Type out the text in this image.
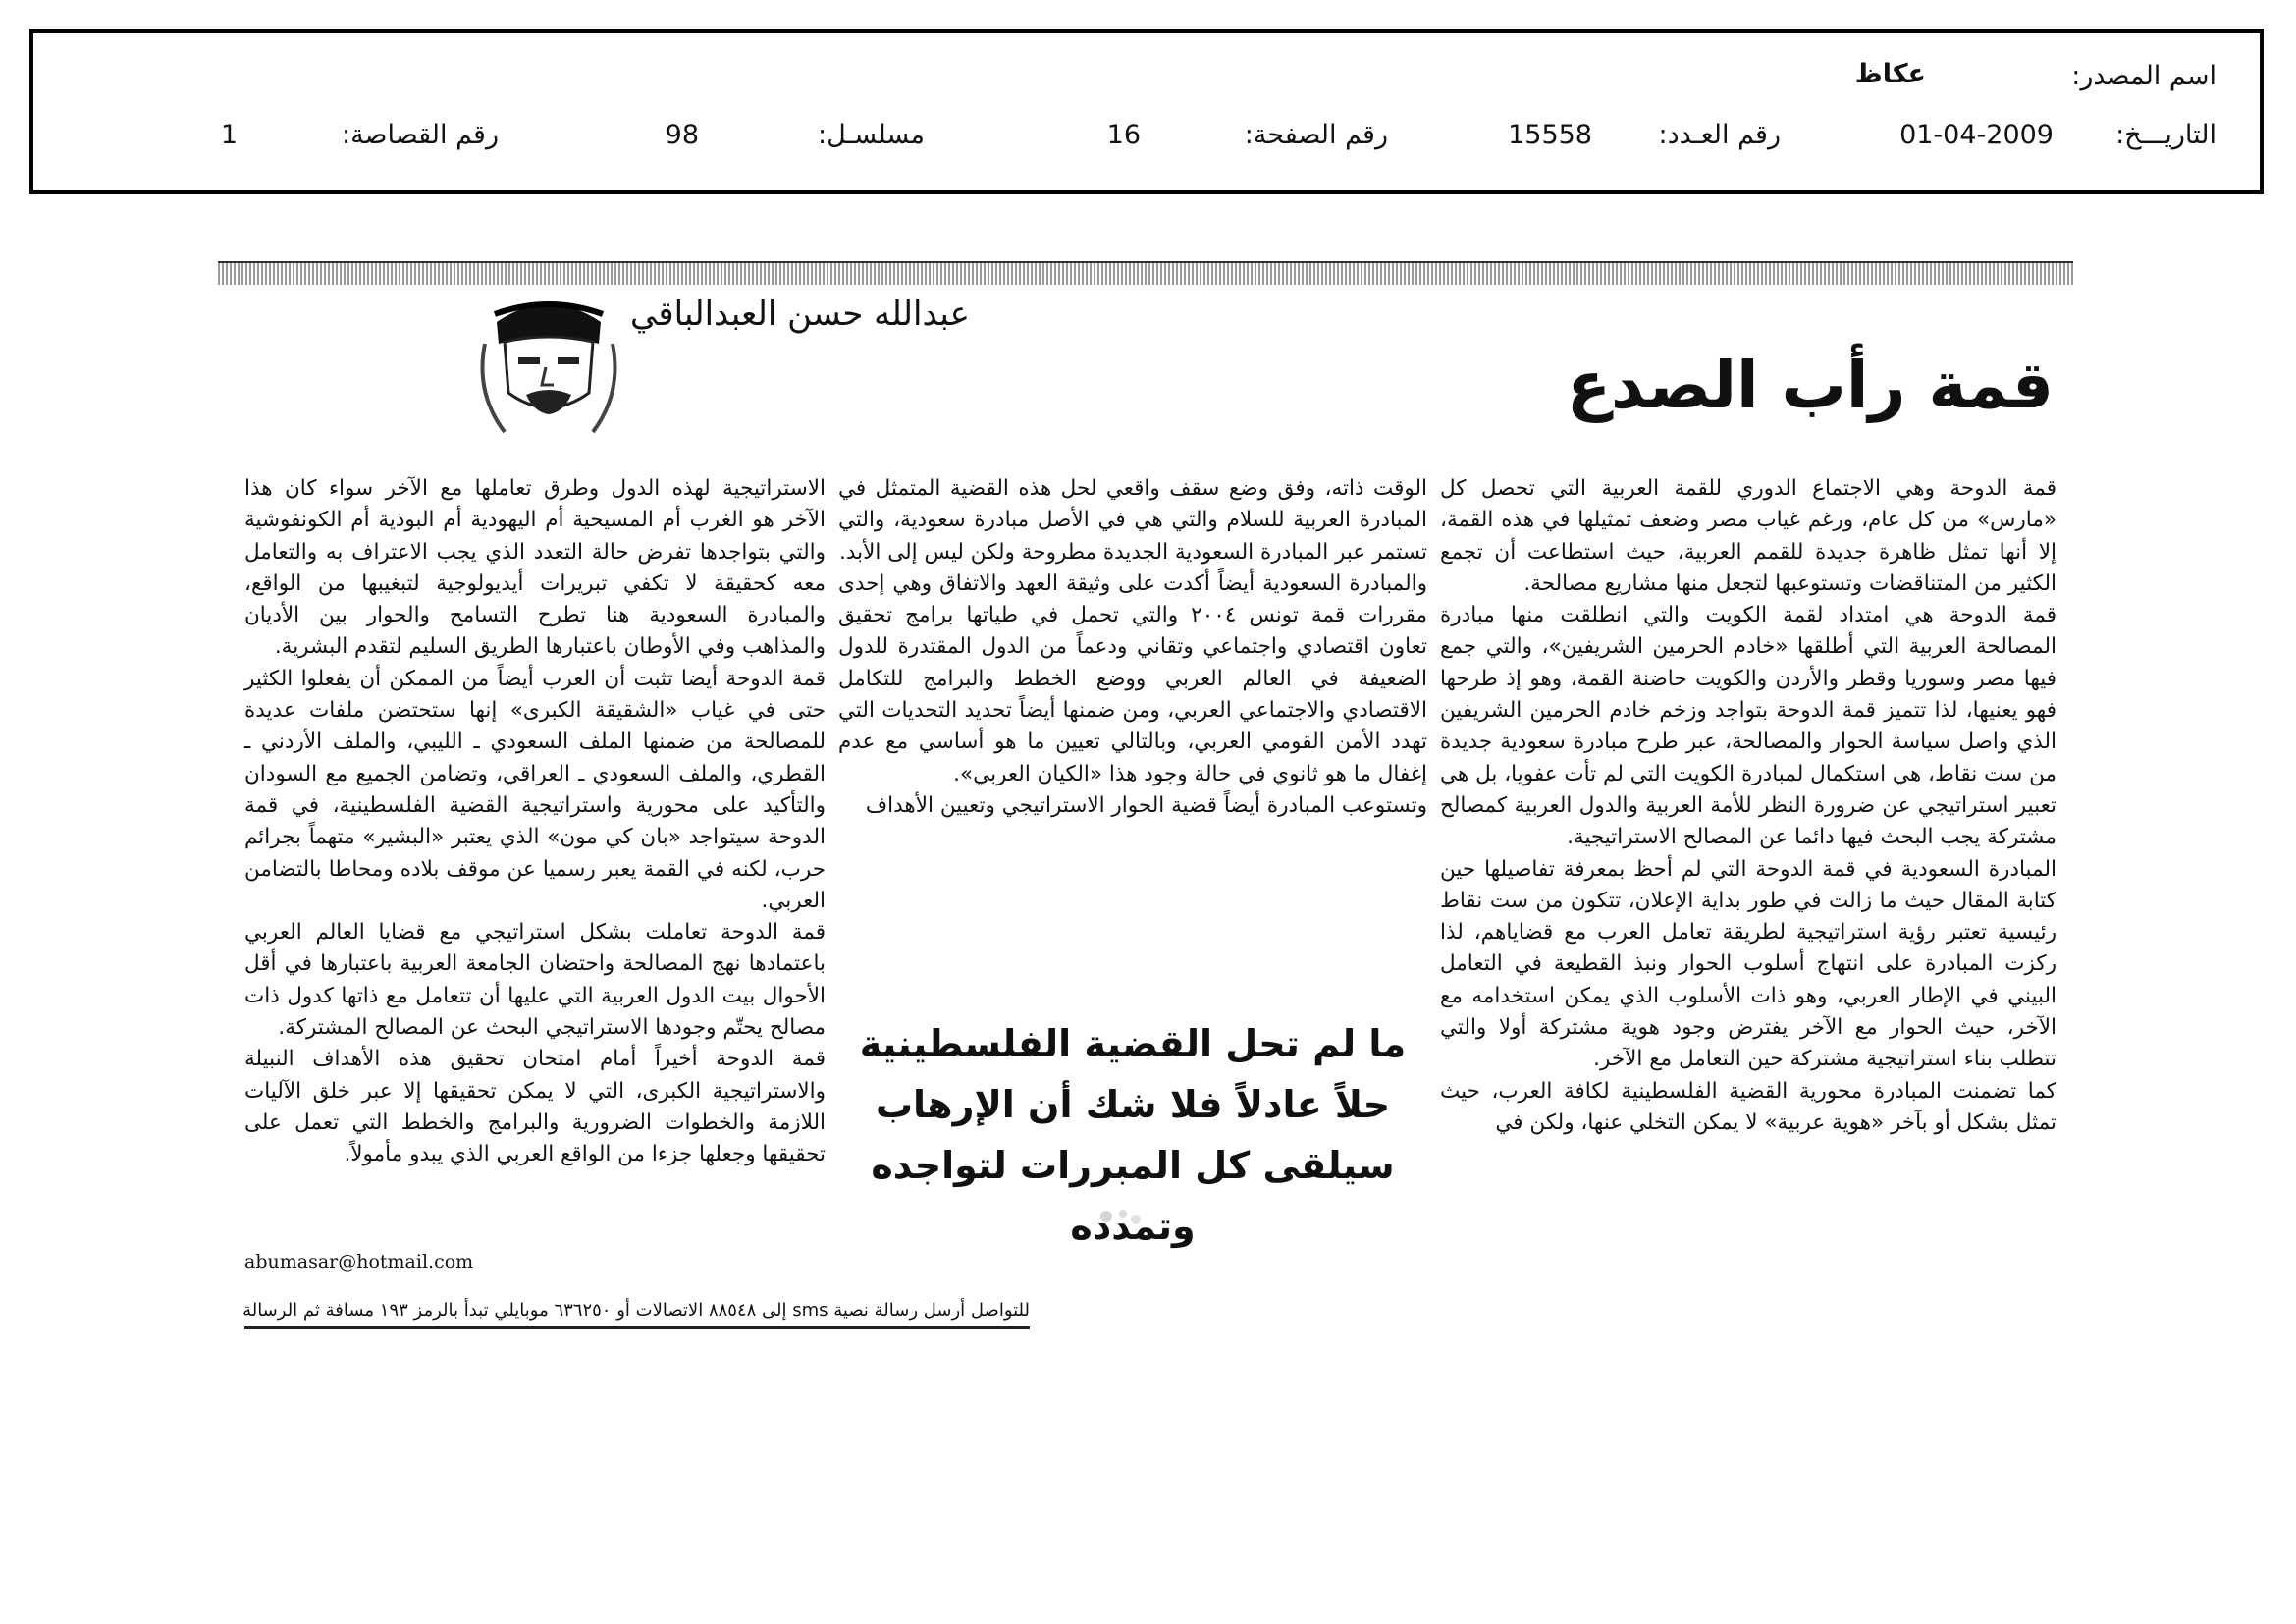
اسم المصدر:
عكاظ
التاريـــخ:
01-04-2009
رقم العـدد:
15558
رقم الصفحة:
16
مسلسـل:
98
رقم القصاصة:
1
قمة رأب الصدع
عبدالله حسن العبدالباقي

قمة الدوحة وهي الاجتماع الدوري للقمة العربية التي تحصل كل «مارس» من كل عام، ورغم غياب مصر وضعف تمثيلها في هذه القمة، إلا أنها تمثل ظاهرة جديدة للقمم العربية، حيث استطاعت أن تجمع الكثير من المتناقضات وتستوعبها لتجعل منها مشاريع مصالحة.

قمة الدوحة هي امتداد لقمة الكويت والتي انطلقت منها مبادرة المصالحة العربية التي أطلقها «خادم الحرمين الشريفين»، والتي جمع فيها مصر وسوريا وقطر والأردن والكويت حاضنة القمة، وهو إذ طرحها فهو يعنيها، لذا تتميز قمة الدوحة بتواجد وزخم خادم الحرمين الشريفين الذي واصل سياسة الحوار والمصالحة، عبر طرح مبادرة سعودية جديدة من ست نقاط، هي استكمال لمبادرة الكويت التي لم تأت عفويا، بل هي تعبير استراتيجي عن ضرورة النظر للأمة العربية والدول العربية كمصالح مشتركة يجب البحث فيها دائما عن المصالح الاستراتيجية.

المبادرة السعودية في قمة الدوحة التي لم أحظ بمعرفة تفاصيلها حين كتابة المقال حيث ما زالت في طور بداية الإعلان، تتكون من ست نقاط رئيسية تعتبر رؤية استراتيجية لطريقة تعامل العرب مع قضاياهم، لذا ركزت المبادرة على انتهاج أسلوب الحوار ونبذ القطيعة في التعامل البيني في الإطار العربي، وهو ذات الأسلوب الذي يمكن استخدامه مع الآخر، حيث الحوار مع الآخر يفترض وجود هوية مشتركة أولا والتي تتطلب بناء استراتيجية مشتركة حين التعامل مع الآخر.

كما تضمنت المبادرة محورية القضية الفلسطينية لكافة العرب، حيث تمثل بشكل أو بآخر «هوية عربية» لا يمكن التخلي عنها، ولكن في

الوقت ذاته، وفق وضع سقف واقعي لحل هذه القضية المتمثل في المبادرة العربية للسلام والتي هي في الأصل مبادرة سعودية، والتي تستمر عبر المبادرة السعودية الجديدة مطروحة ولكن ليس إلى الأبد.

والمبادرة السعودية أيضاً أكدت على وثيقة العهد والاتفاق وهي إحدى مقررات قمة تونس ٢٠٠٤ والتي تحمل في طياتها برامج تحقيق تعاون اقتصادي واجتماعي وتقاني ودعماً من الدول المقتدرة للدول الضعيفة في العالم العربي ووضع الخطط والبرامج للتكامل الاقتصادي والاجتماعي العربي، ومن ضمنها أيضاً تحديد التحديات التي تهدد الأمن القومي العربي، وبالتالي تعيين ما هو أساسي مع عدم إغفال ما هو ثانوي في حالة وجود هذا «الكيان العربي».

وتستوعب المبادرة أيضاً قضية الحوار الاستراتيجي وتعيين الأهداف

ما لم تحل القضية الفلسطينية حلاً عادلاً فلا شك أن الإرهاب سيلقى كل المبررات لتواجده وتمدده

الاستراتيجية لهذه الدول وطرق تعاملها مع الآخر سواء كان هذا الآخر هو الغرب أم المسيحية أم اليهودية أم البوذية أم الكونفوشية والتي بتواجدها تفرض حالة التعدد الذي يجب الاعتراف به والتعامل معه كحقيقة لا تكفي تبريرات أيديولوجية لتبغيبها من الواقع، والمبادرة السعودية هنا تطرح التسامح والحوار بين الأديان والمذاهب وفي الأوطان باعتبارها الطريق السليم لتقدم البشرية.

قمة الدوحة أيضا تثبت أن العرب أيضاً من الممكن أن يفعلوا الكثير حتى في غياب «الشقيقة الكبرى» إنها ستحتضن ملفات عديدة للمصالحة من ضمنها الملف السعودي ـ الليبي، والملف الأردني ـ القطري، والملف السعودي ـ العراقي، وتضامن الجميع مع السودان والتأكيد على محورية واستراتيجية القضية الفلسطينية، في قمة الدوحة سيتواجد «بان كي مون» الذي يعتبر «البشير» متهماً بجرائم حرب، لكنه في القمة يعبر رسميا عن موقف بلاده ومحاطا بالتضامن العربي.

قمة الدوحة تعاملت بشكل استراتيجي مع قضايا العالم العربي باعتمادها نهج المصالحة واحتضان الجامعة العربية باعتبارها في أقل الأحوال بيت الدول العربية التي عليها أن تتعامل مع ذاتها كدول ذات مصالح يحتّم وجودها الاستراتيجي البحث عن المصالح المشتركة.

قمة الدوحة أخيراً أمام امتحان تحقيق هذه الأهداف النبيلة والاستراتيجية الكبرى، التي لا يمكن تحقيقها إلا عبر خلق الآليات اللازمة والخطوات الضرورية والبرامج والخطط التي تعمل على تحقيقها وجعلها جزءا من الواقع العربي الذي يبدو مأمولاً.

abumasar@hotmail.com
للتواصل أرسل رسالة نصية sms إلى ٨٨٥٤٨ الاتصالات أو ٦٣٦٢٥٠ موبايلي تبدأ بالرمز ١٩٣ مسافة ثم الرسالة
